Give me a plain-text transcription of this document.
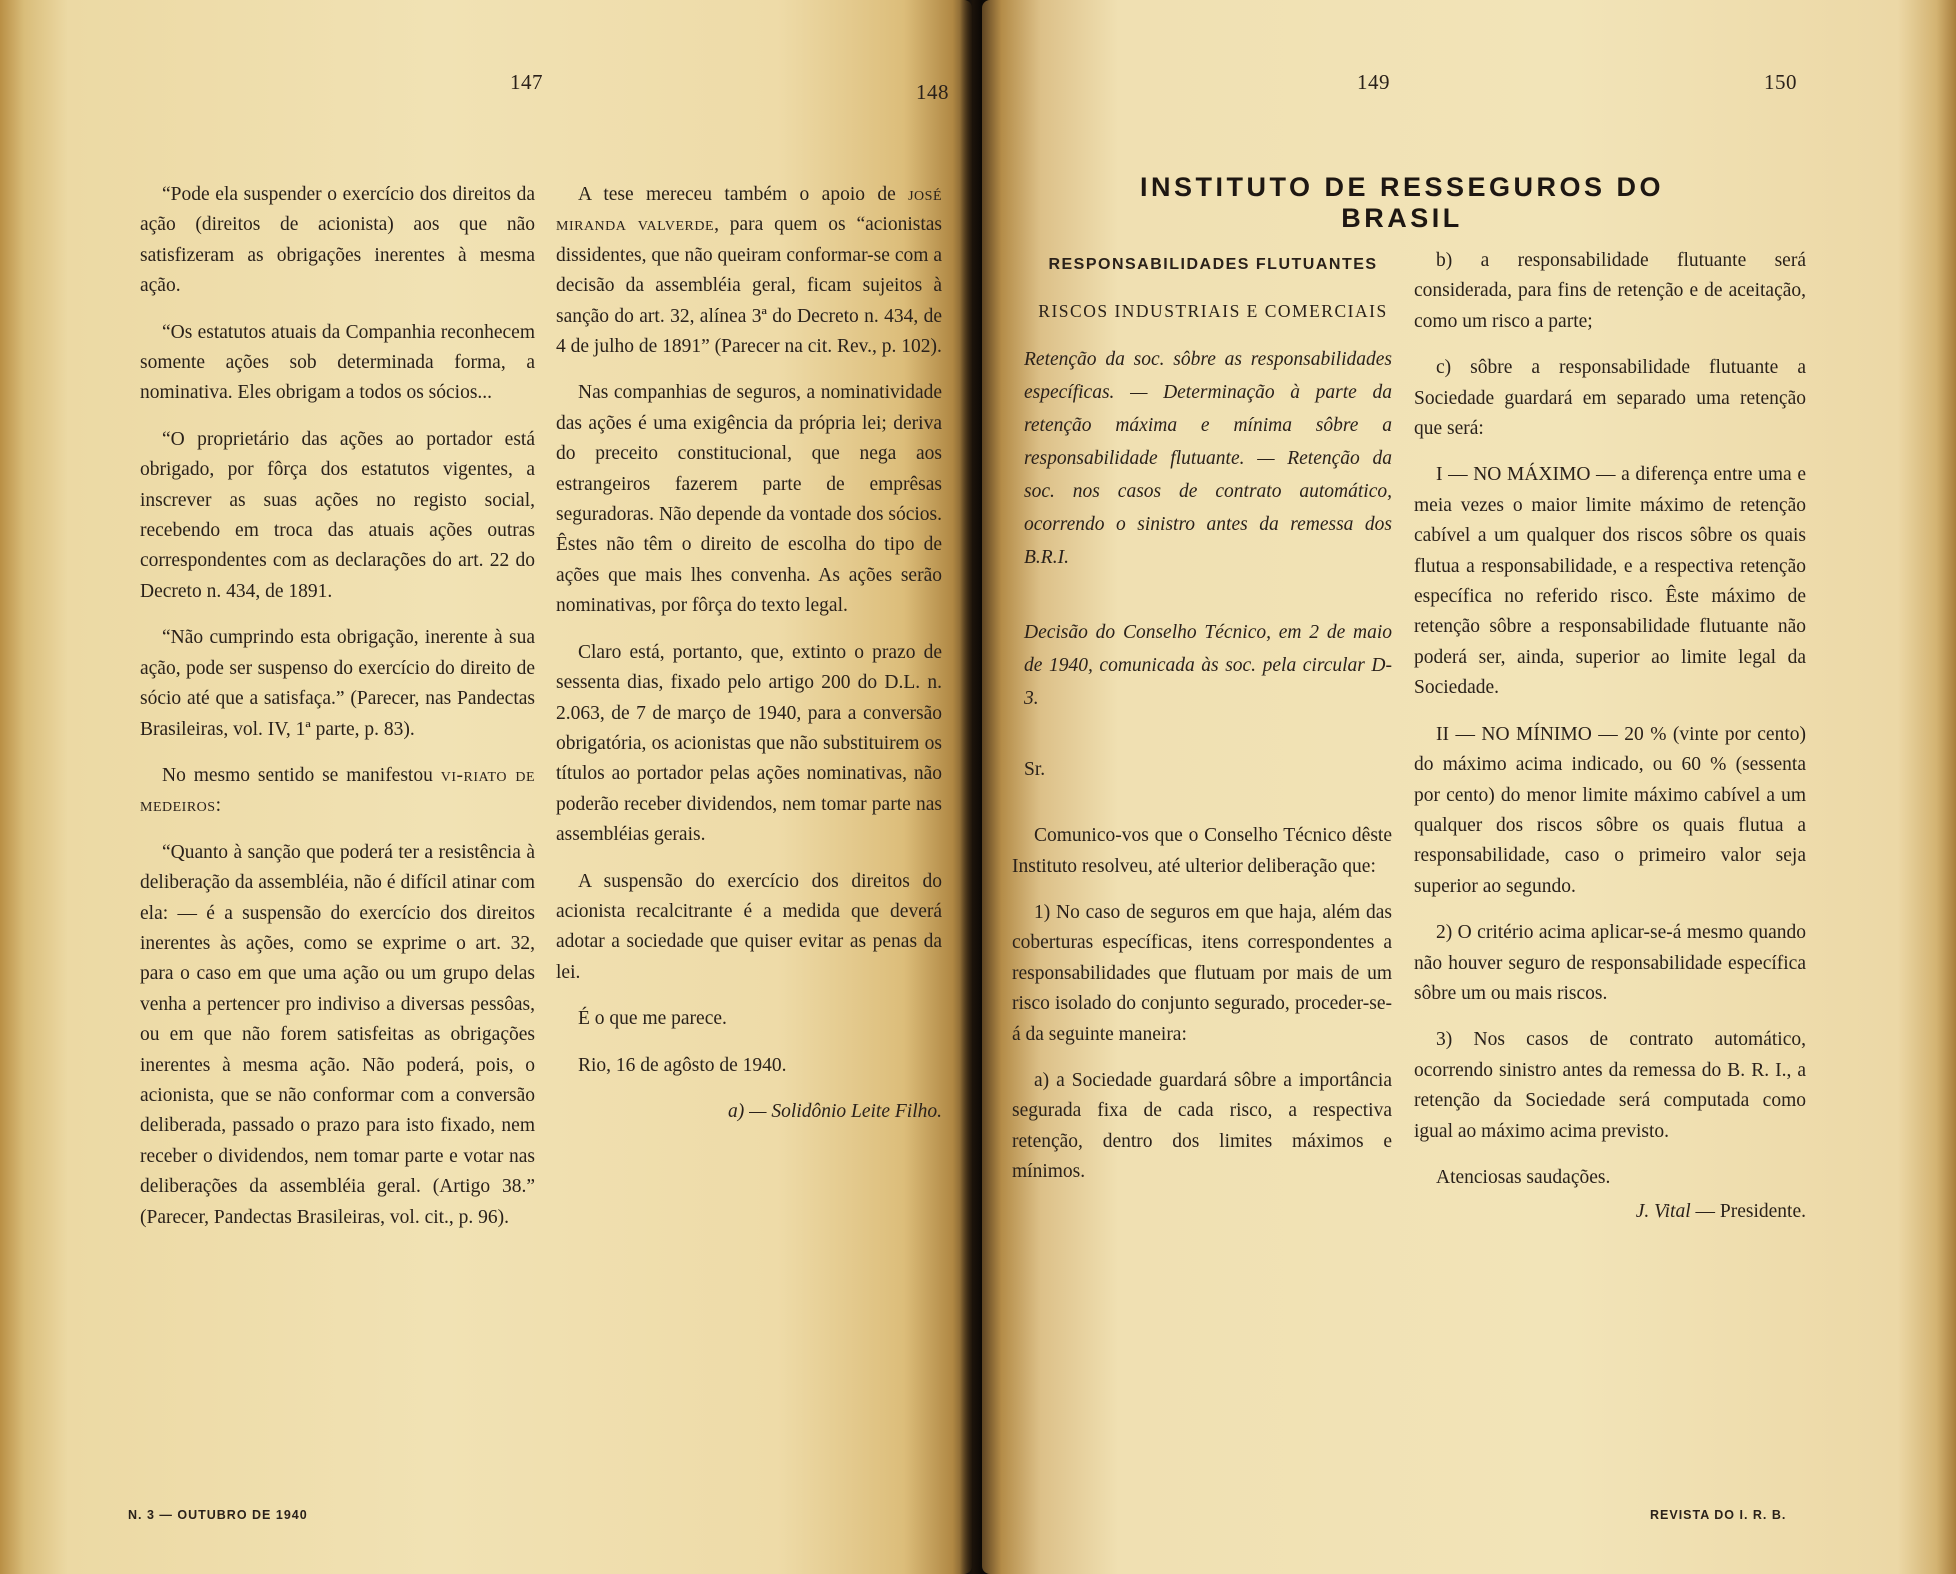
147	148

“Pode ela suspender o exercício dos direitos da ação (direitos de acionista) aos que não satisfizeram as obrigações inerentes à mesma ação.

“Os estatutos atuais da Companhia reconhecem somente ações sob determinada forma, a nominativa. Eles obrigam a todos os sócios...

“O proprietário das ações ao portador está obrigado, por fôrça dos estatutos vigentes, a inscrever as suas ações no registo social, recebendo em troca das atuais ações outras correspondentes com as declarações do art. 22 do Decreto n. 434, de 1891.

“Não cumprindo esta obrigação, inerente à sua ação, pode ser suspenso do exercício do direito de sócio até que a satisfaça.” (Parecer, nas Pandectas Brasileiras, vol. IV, 1ª parte, p. 83).

No mesmo sentido se manifestou vi-riato de medeiros:

“Quanto à sanção que poderá ter a resistência à deliberação da assembléia, não é difícil atinar com ela: — é a suspensão do exercício dos direitos inerentes às ações, como se exprime o art. 32, para o caso em que uma ação ou um grupo delas venha a pertencer pro indiviso a diversas pessôas, ou em que não forem satisfeitas as obrigações inerentes à mesma ação. Não poderá, pois, o acionista, que se não conformar com a conversão deliberada, passado o prazo para isto fixado, nem receber o dividendos, nem tomar parte e votar nas deliberações da assembléia geral. (Artigo 38.” (Parecer, Pandectas Brasileiras, vol. cit., p. 96).

A tese mereceu também o apoio de josé miranda valverde, para quem os “acionistas dissidentes, que não queiram conformar-se com a decisão da assembléia geral, ficam sujeitos à sanção do art. 32, alínea 3ª do Decreto n. 434, de 4 de julho de 1891” (Parecer na cit. Rev., p. 102).

Nas companhias de seguros, a nominatividade das ações é uma exigência da própria lei; deriva do preceito constitucional, que nega aos estrangeiros fazerem parte de emprêsas seguradoras. Não depende da vontade dos sócios. Êstes não têm o direito de escolha do tipo de ações que mais lhes convenha. As ações serão nominativas, por fôrça do texto legal.

Claro está, portanto, que, extinto o prazo de sessenta dias, fixado pelo artigo 200 do D.L. n. 2.063, de 7 de março de 1940, para a conversão obrigatória, os acionistas que não substituirem os títulos ao portador pelas ações nominativas, não poderão receber dividendos, nem tomar parte nas assembléias gerais.

A suspensão do exercício dos direitos do acionista recalcitrante é a medida que deverá adotar a sociedade que quiser evitar as penas da lei.

É o que me parece.

Rio, 16 de agôsto de 1940.

a) — Solidônio Leite Filho.

N. 3 — OUTUBRO DE 1940
149	150
REVISTA DO I. R. B.
INSTITUTO DE RESSEGUROS DO BRASIL

RESPONSABILIDADES FLUTUANTES

RISCOS INDUSTRIAIS E COMERCIAIS

Retenção da soc. sôbre as responsabilidades específicas. — Determinação à parte da retenção máxima e mínima sôbre a responsabilidade flutuante. — Retenção da soc. nos casos de contrato automático, ocorrendo o sinistro antes da remessa dos B.R.I.

Decisão do Conselho Técnico, em 2 de maio de 1940, comunicada às soc. pela circular D-3.

Sr.

Comunico-vos que o Conselho Técnico dêste Instituto resolveu, até ulterior deliberação que:

1) No caso de seguros em que haja, além das coberturas específicas, itens correspondentes a responsabilidades que flutuam por mais de um risco isolado do conjunto segurado, proceder-se-á da seguinte maneira:

a) a Sociedade guardará sôbre a importância segurada fixa de cada risco, a respectiva retenção, dentro dos limites máximos e mínimos.

b) a responsabilidade flutuante será considerada, para fins de retenção e de aceitação, como um risco a parte;

c) sôbre a responsabilidade flutuante a Sociedade guardará em separado uma retenção que será:

I — NO MÁXIMO — a diferença entre uma e meia vezes o maior limite máximo de retenção cabível a um qualquer dos riscos sôbre os quais flutua a responsabilidade, e a respectiva retenção específica no referido risco. Êste máximo de retenção sôbre a responsabilidade flutuante não poderá ser, ainda, superior ao limite legal da Sociedade.

II — NO MÍNIMO — 20 % (vinte por cento) do máximo acima indicado, ou 60 % (sessenta por cento) do menor limite máximo cabível a um qualquer dos riscos sôbre os quais flutua a responsabilidade, caso o primeiro valor seja superior ao segundo.

2) O critério acima aplicar-se-á mesmo quando não houver seguro de responsabilidade específica sôbre um ou mais riscos.

3) Nos casos de contrato automático, ocorrendo sinistro antes da remessa do B. R. I., a retenção da Sociedade será computada como igual ao máximo acima previsto.

Atenciosas saudações.

J. Vital — Presidente.
